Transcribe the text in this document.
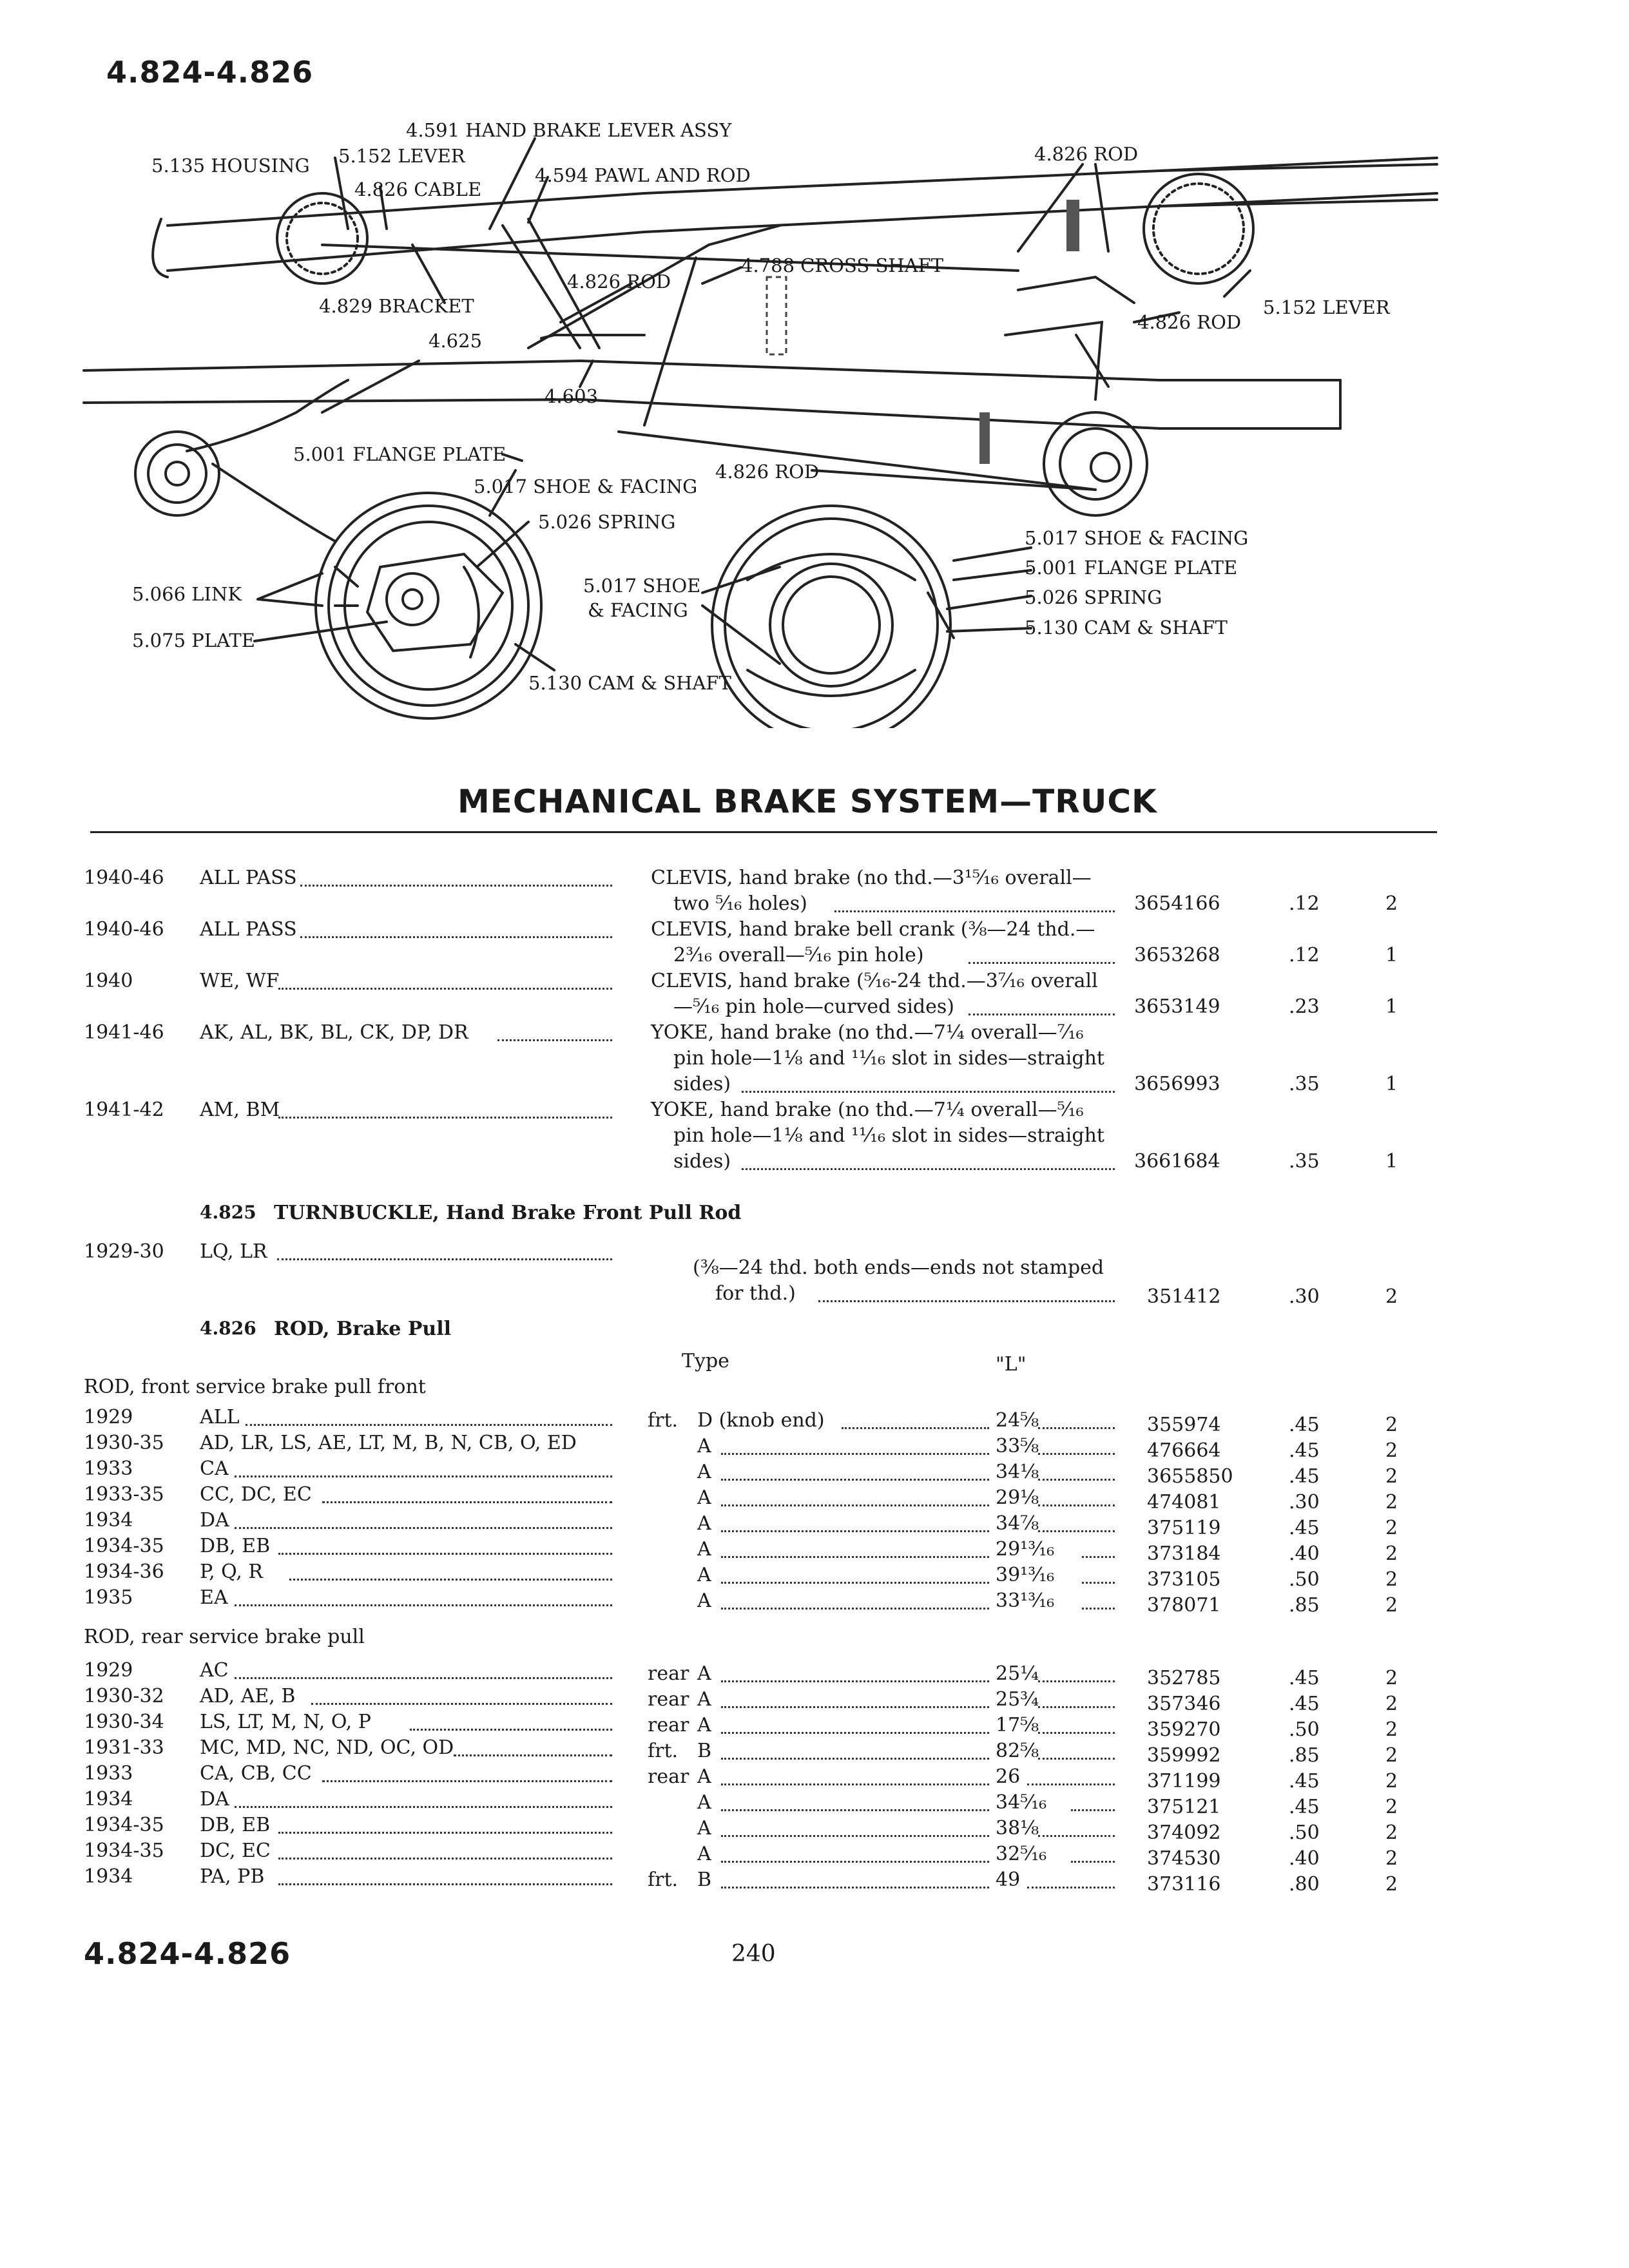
4.824-4.826
4.591 HAND BRAKE LEVER ASSY
5.152 LEVER
5.135 HOUSING
4.826 CABLE
4.594 PAWL AND ROD
4.826 ROD
4.826 ROD
4.788 CROSS SHAFT
4.829 BRACKET
4.625
5.152 LEVER
4.826 ROD
4.603
5.001 FLANGE PLATE
4.826 ROD
5.017 SHOE & FACING
5.026 SPRING
5.017 SHOE
& FACING
5.066 LINK
5.075 PLATE
5.130 CAM & SHAFT
5.017 SHOE & FACING
5.001 FLANGE PLATE
5.026 SPRING
5.130 CAM & SHAFT
MECHANICAL BRAKE SYSTEM—TRUCK
1940-46 ALL PASS	CLEVIS, hand brake (no thd.—3¹⁵⁄₁₆ overall—
two ⁵⁄₁₆ holes)	3654166	.12	2
1940-46 ALL PASS	CLEVIS, hand brake bell crank (⅜—24 thd.—
2³⁄₁₆ overall—⁵⁄₁₆ pin hole)	3653268	.12	1
1940	WE, WF	CLEVIS, hand brake (⁵⁄₁₆-24 thd.—3⁷⁄₁₆ overall
—⁵⁄₁₆ pin hole—curved sides)	3653149	.23	1
1941-46 AK, AL, BK, BL, CK, DP, DR	YOKE, hand brake (no thd.—7¼ overall—⁷⁄₁₆
pin hole—1⅛ and ¹¹⁄₁₆ slot in sides—straight
sides)	3656993	.35	1
1941-42 AM, BM	YOKE, hand brake (no thd.—7¼ overall—⁵⁄₁₆
pin hole—1⅛ and ¹¹⁄₁₆ slot in sides—straight
sides)	3661684	.35	1
4.825 TURNBUCKLE, Hand Brake Front Pull Rod
1929-30 LQ, LR
(⅜—24 thd. both ends—ends not stamped
for thd.)	351412	.30	2
4.826 ROD, Brake Pull
Type	"L"
ROD, front service brake pull front
1929	ALL	frt. D (knob end)	24⅝	355974	.45	2
1930-35 AD, LR, LS, AE, LT, M, B, N, CB, O, ED	A	33⅝	476664	.45	2
1933	CA	A	34⅛	3655850	.45	2
1933-35 CC, DC, EC	A	29⅛	474081	.30	2
1934	DA	A	34⅞	375119	.45	2
1934-35 DB, EB	A	29¹³⁄₁₆	373184	.40	2
1934-36 P, Q, R	A	39¹³⁄₁₆	373105	.50	2
1935	EA	A	33¹³⁄₁₆	378071	.85	2
ROD, rear service brake pull
1929	AC	rear A	25¼	352785	.45	2
1930-32 AD, AE, B	rear A	25¾	357346	.45	2
1930-34 LS, LT, M, N, O, P	rear A	17⅝	359270	.50	2
1931-33 MC, MD, NC, ND, OC, OD	frt. B	82⅝	359992	.85	2
1933	CA, CB, CC	rear A	26	371199	.45	2
1934	DA	A	34⁵⁄₁₆	375121	.45	2
1934-35 DB, EB	A	38⅛	374092	.50	2
1934-35 DC, EC	A	32⁵⁄₁₆	374530	.40	2
1934	PA, PB	frt. B	49	373116	.80	2
4.824-4.826	240
